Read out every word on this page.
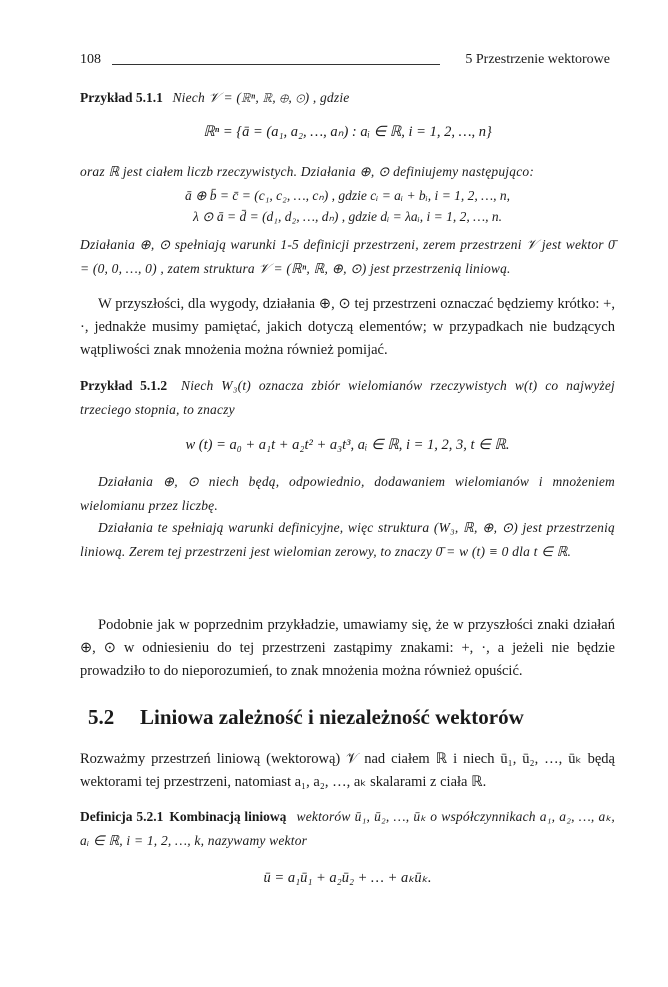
108	5 Przestrzenie wektorowe
Przykład 5.1.1 Niech 𝒱 = (ℝⁿ, ℝ, ⊕, ⊙) , gdzie
ℝⁿ = {ā = (a₁, a₂, …, aₙ) : aᵢ ∈ ℝ, i = 1, 2, …, n}
oraz ℝ jest ciałem liczb rzeczywistych. Działania ⊕, ⊙ definiujemy następująco:
ā ⊕ b̄ = c̄ = (c₁, c₂, …, cₙ) , gdzie cᵢ = aᵢ + bᵢ, i = 1, 2, …, n,
λ ⊙ ā = d̄ = (d₁, d₂, …, dₙ) , gdzie dᵢ = λaᵢ, i = 1, 2, …, n.
Działania ⊕, ⊙ spełniają warunki 1-5 definicji przestrzeni, zerem przestrzeni 𝒱 jest wektor 0̄ = (0, 0, …, 0) , zatem struktura 𝒱 = (ℝⁿ, ℝ, ⊕, ⊙) jest przestrzenią liniową.
W przyszłości, dla wygody, działania ⊕, ⊙ tej przestrzeni oznaczać będziemy krótko: +, ·, jednakże musimy pamiętać, jakich dotyczą elementów; w przypadkach nie budzących wątpliwości znak mnożenia można również pomijać.
Przykład 5.1.2 Niech W₃(t) oznacza zbiór wielomianów rzeczywistych w(t) co najwyżej trzeciego stopnia, to znaczy
w (t) = a₀ + a₁t + a₂t² + a₃t³, aᵢ ∈ ℝ, i = 1, 2, 3, t ∈ ℝ.
Działania ⊕, ⊙ niech będą, odpowiednio, dodawaniem wielomianów i mnożeniem wielomianu przez liczbę.
Działania te spełniają warunki definicyjne, więc struktura (W₃, ℝ, ⊕, ⊙) jest przestrzenią liniową. Zerem tej przestrzeni jest wielomian zerowy, to znaczy 0̄ = w (t) ≡ 0 dla t ∈ ℝ.
Podobnie jak w poprzednim przykładzie, umawiamy się, że w przyszłości znaki działań ⊕, ⊙ w odniesieniu do tej przestrzeni zastąpimy znakami: +, ·, a jeżeli nie będzie prowadziło to do nieporozumień, to znak mnożenia można również opuścić.
5.2 Liniowa zależność i niezależność wektorów
Rozważmy przestrzeń liniową (wektorową) 𝒱 nad ciałem ℝ i niech ū₁, ū₂, …, ūₖ będą wektorami tej przestrzeni, natomiast a₁, a₂, …, aₖ skalarami z ciała ℝ.
Definicja 5.2.1 Kombinacją liniową wektorów ū₁, ū₂, …, ūₖ o współczynnikach a₁, a₂, …, aₖ, aᵢ ∈ ℝ, i = 1, 2, …, k, nazywamy wektor
ū = a₁ū₁ + a₂ū₂ + … + aₖūₖ.
